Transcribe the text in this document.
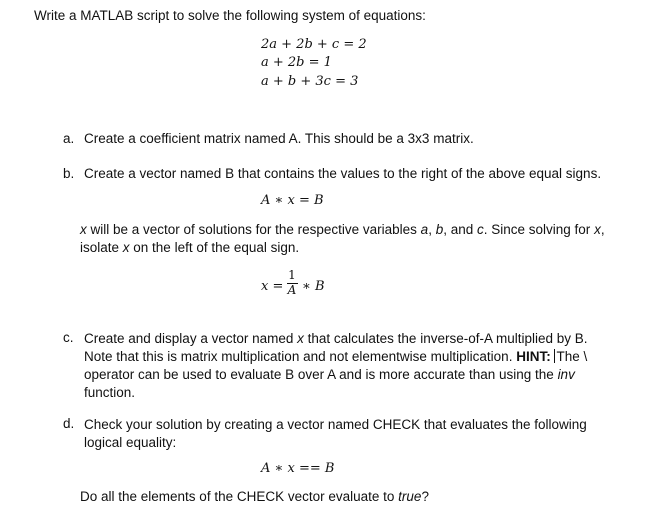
Write a MATLAB script to solve the following system of equations:
2a + 2b + c = 2
a + 2b = 1
a + b + 3c = 3
a. Create a coefficient matrix named A. This should be a 3x3 matrix.
b. Create a vector named B that contains the values to the right of the above equal signs.
A ∗ x = B
x will be a vector of solutions for the respective variables a, b, and c. Since solving for x,
isolate x on the left of the equal sign.
x =
1
A ∗ B
c. Create and display a vector named x that calculates the inverse-of-A multiplied by B.
Note that this is matrix multiplication and not elementwise multiplication. HINT: The \
operator can be used to evaluate B over A and is more accurate than using the inv
function.
d. Check your solution by creating a vector named CHECK that evaluates the following
logical equality:
A ∗ x == B
Do all the elements of the CHECK vector evaluate to true?
